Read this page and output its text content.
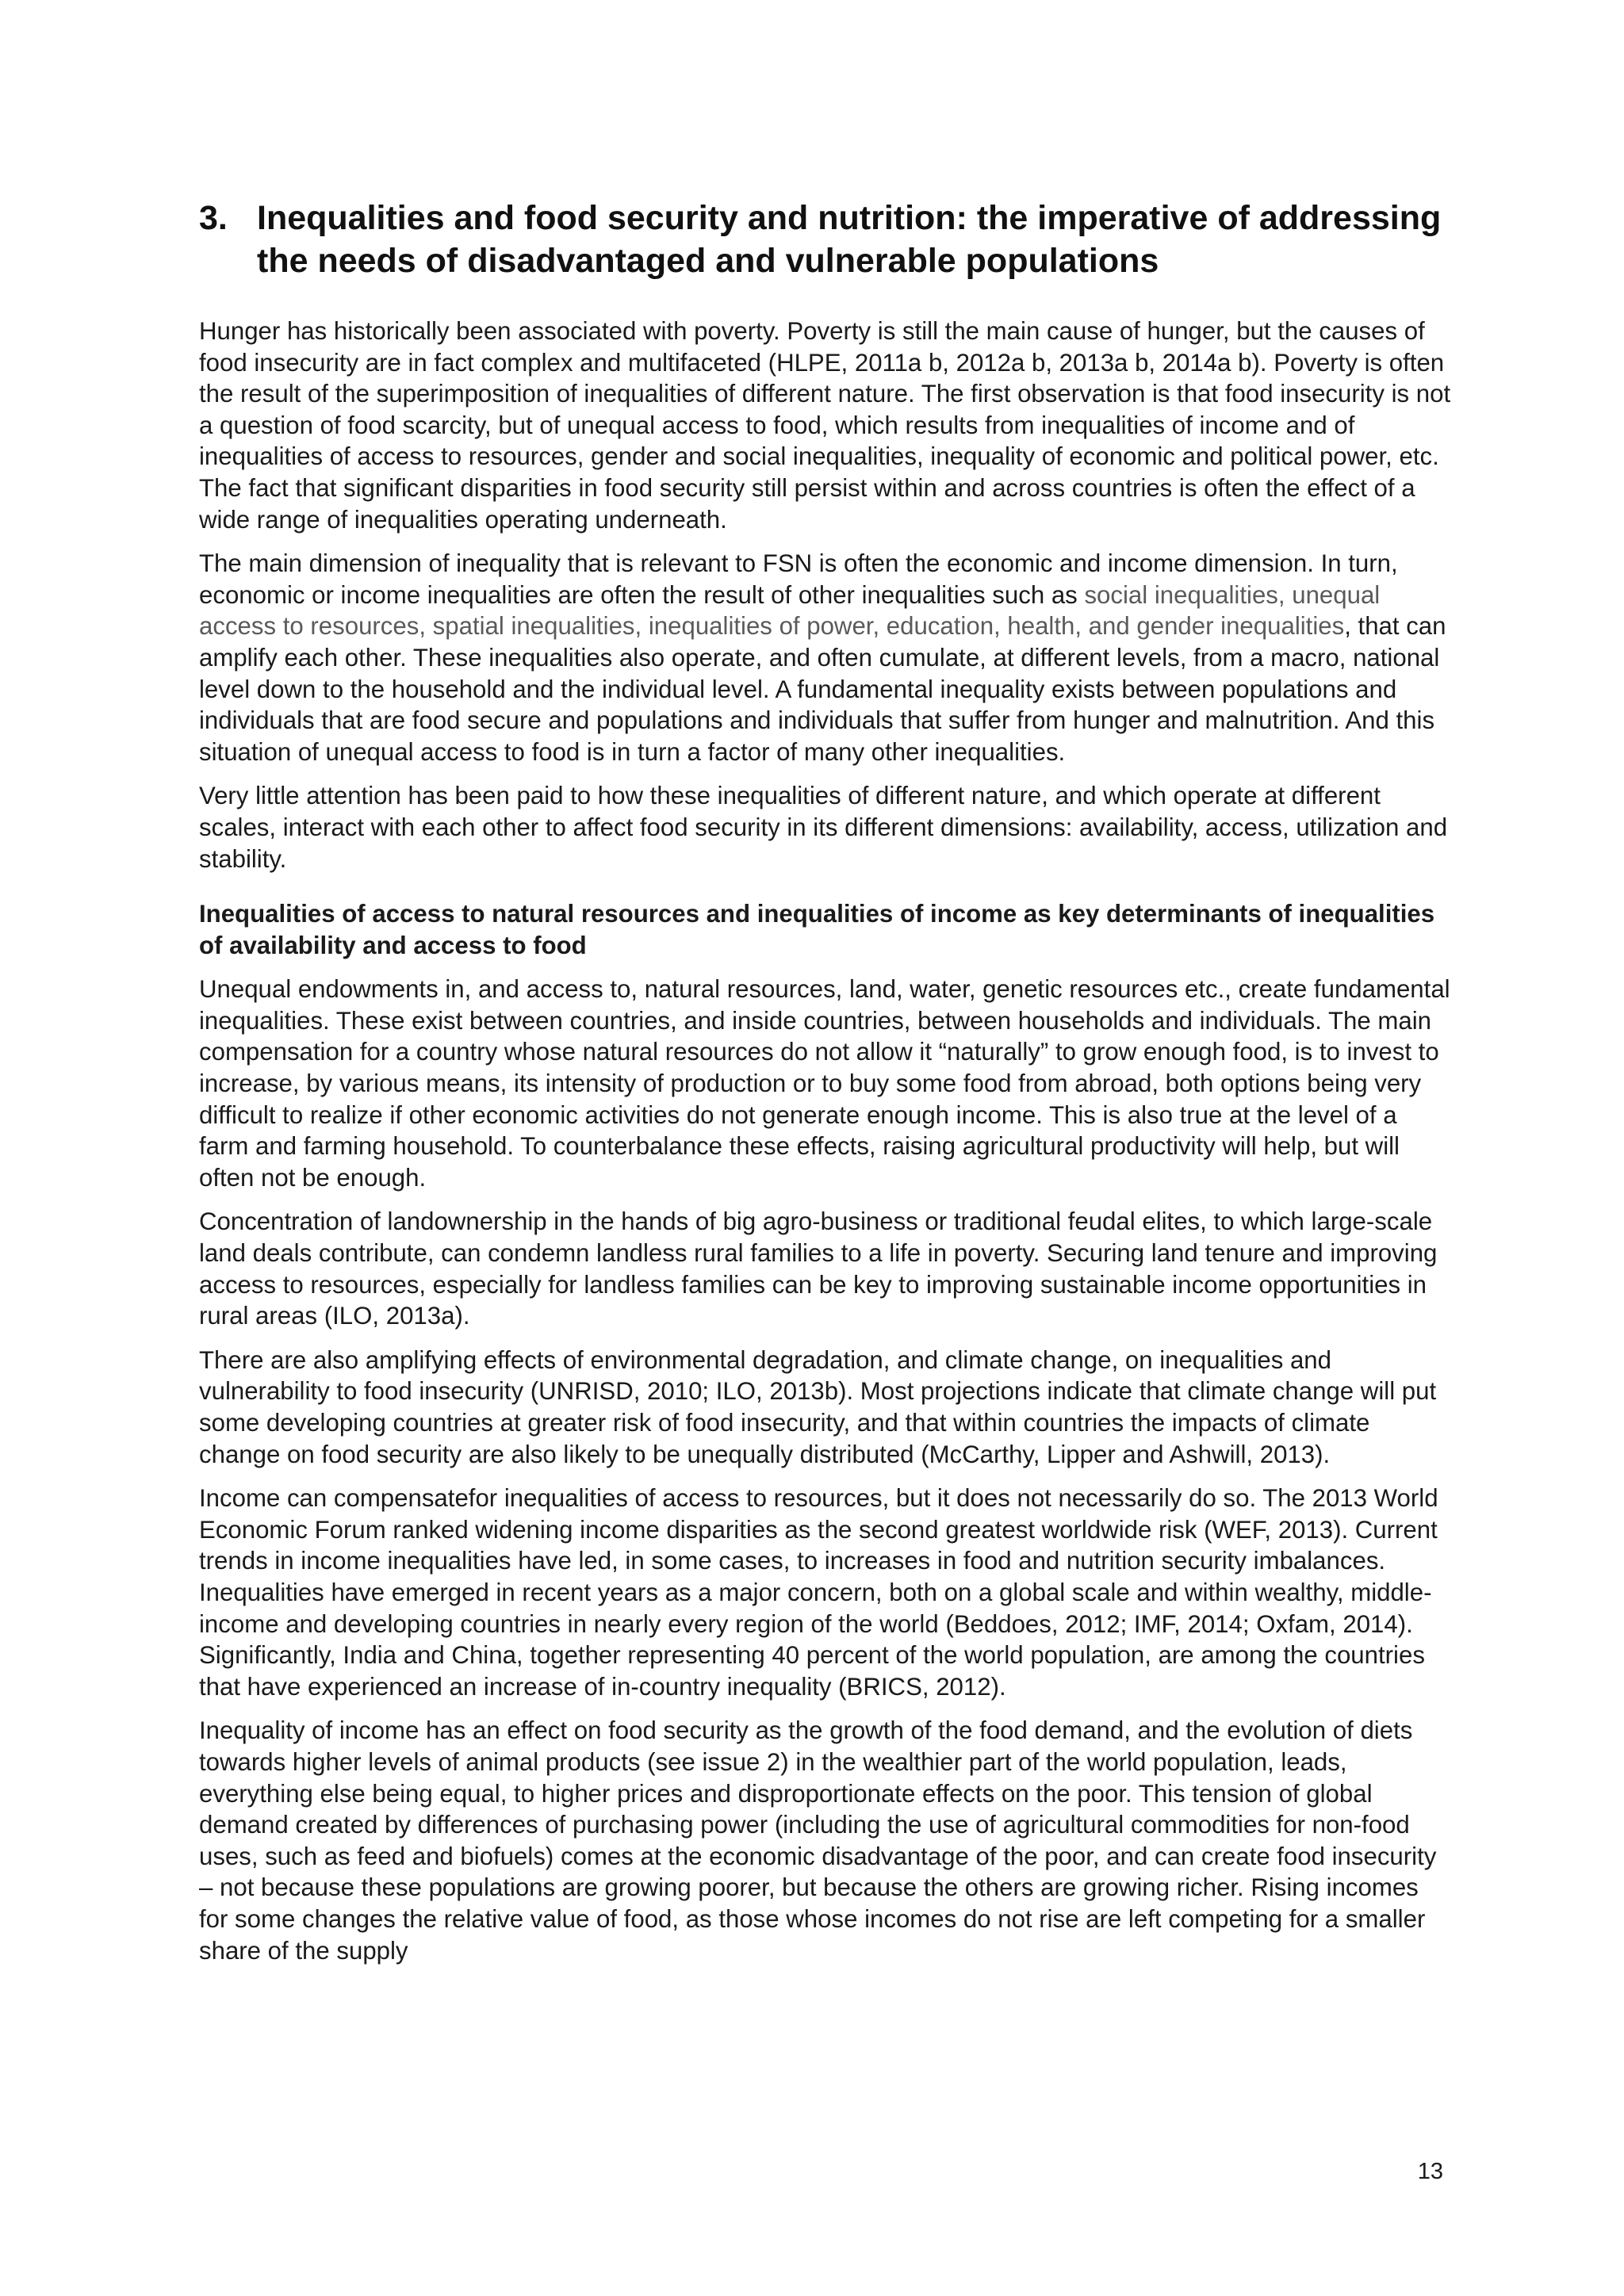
3. Inequalities and food security and nutrition: the imperative of addressing the needs of disadvantaged and vulnerable populations

Hunger has historically been associated with poverty. Poverty is still the main cause of hunger, but the causes of food insecurity are in fact complex and multifaceted (HLPE, 2011a b, 2012a b, 2013a b, 2014a b). Poverty is often the result of the superimposition of inequalities of different nature. The first observation is that food insecurity is not a question of food scarcity, but of unequal access to food, which results from inequalities of income and of inequalities of access to resources, gender and social inequalities, inequality of economic and political power, etc. The fact that significant disparities in food security still persist within and across countries is often the effect of a wide range of inequalities operating underneath.

The main dimension of inequality that is relevant to FSN is often the economic and income dimension. In turn, economic or income inequalities are often the result of other inequalities such as social inequalities, unequal access to resources, spatial inequalities, inequalities of power, education, health, and gender inequalities, that can amplify each other. These inequalities also operate, and often cumulate, at different levels, from a macro, national level down to the household and the individual level. A fundamental inequality exists between populations and individuals that are food secure and populations and individuals that suffer from hunger and malnutrition. And this situation of unequal access to food is in turn a factor of many other inequalities.

Very little attention has been paid to how these inequalities of different nature, and which operate at different scales, interact with each other to affect food security in its different dimensions: availability, access, utilization and stability.

Inequalities of access to natural resources and inequalities of income as key determinants of inequalities of availability and access to food

Unequal endowments in, and access to, natural resources, land, water, genetic resources etc., create fundamental inequalities. These exist between countries, and inside countries, between households and individuals. The main compensation for a country whose natural resources do not allow it “naturally” to grow enough food, is to invest to increase, by various means, its intensity of production or to buy some food from abroad, both options being very difficult to realize if other economic activities do not generate enough income. This is also true at the level of a farm and farming household. To counterbalance these effects, raising agricultural productivity will help, but will often not be enough.

Concentration of landownership in the hands of big agro-business or traditional feudal elites, to which large-scale land deals contribute, can condemn landless rural families to a life in poverty. Securing land tenure and improving access to resources, especially for landless families can be key to improving sustainable income opportunities in rural areas (ILO, 2013a).

There are also amplifying effects of environmental degradation, and climate change, on inequalities and vulnerability to food insecurity (UNRISD, 2010; ILO, 2013b). Most projections indicate that climate change will put some developing countries at greater risk of food insecurity, and that within countries the impacts of climate change on food security are also likely to be unequally distributed (McCarthy, Lipper and Ashwill, 2013).

Income can compensatefor inequalities of access to resources, but it does not necessarily do so. The 2013 World Economic Forum ranked widening income disparities as the second greatest worldwide risk (WEF, 2013). Current trends in income inequalities have led, in some cases, to increases in food and nutrition security imbalances. Inequalities have emerged in recent years as a major concern, both on a global scale and within wealthy, middle-income and developing countries in nearly every region of the world (Beddoes, 2012; IMF, 2014; Oxfam, 2014). Significantly, India and China, together representing 40 percent of the world population, are among the countries that have experienced an increase of in-country inequality (BRICS, 2012).

Inequality of income has an effect on food security as the growth of the food demand, and the evolution of diets towards higher levels of animal products (see issue 2) in the wealthier part of the world population, leads, everything else being equal, to higher prices and disproportionate effects on the poor. This tension of global demand created by differences of purchasing power (including the use of agricultural commodities for non-food uses, such as feed and biofuels) comes at the economic disadvantage of the poor, and can create food insecurity – not because these populations are growing poorer, but because the others are growing richer. Rising incomes for some changes the relative value of food, as those whose incomes do not rise are left competing for a smaller share of the supply

13
